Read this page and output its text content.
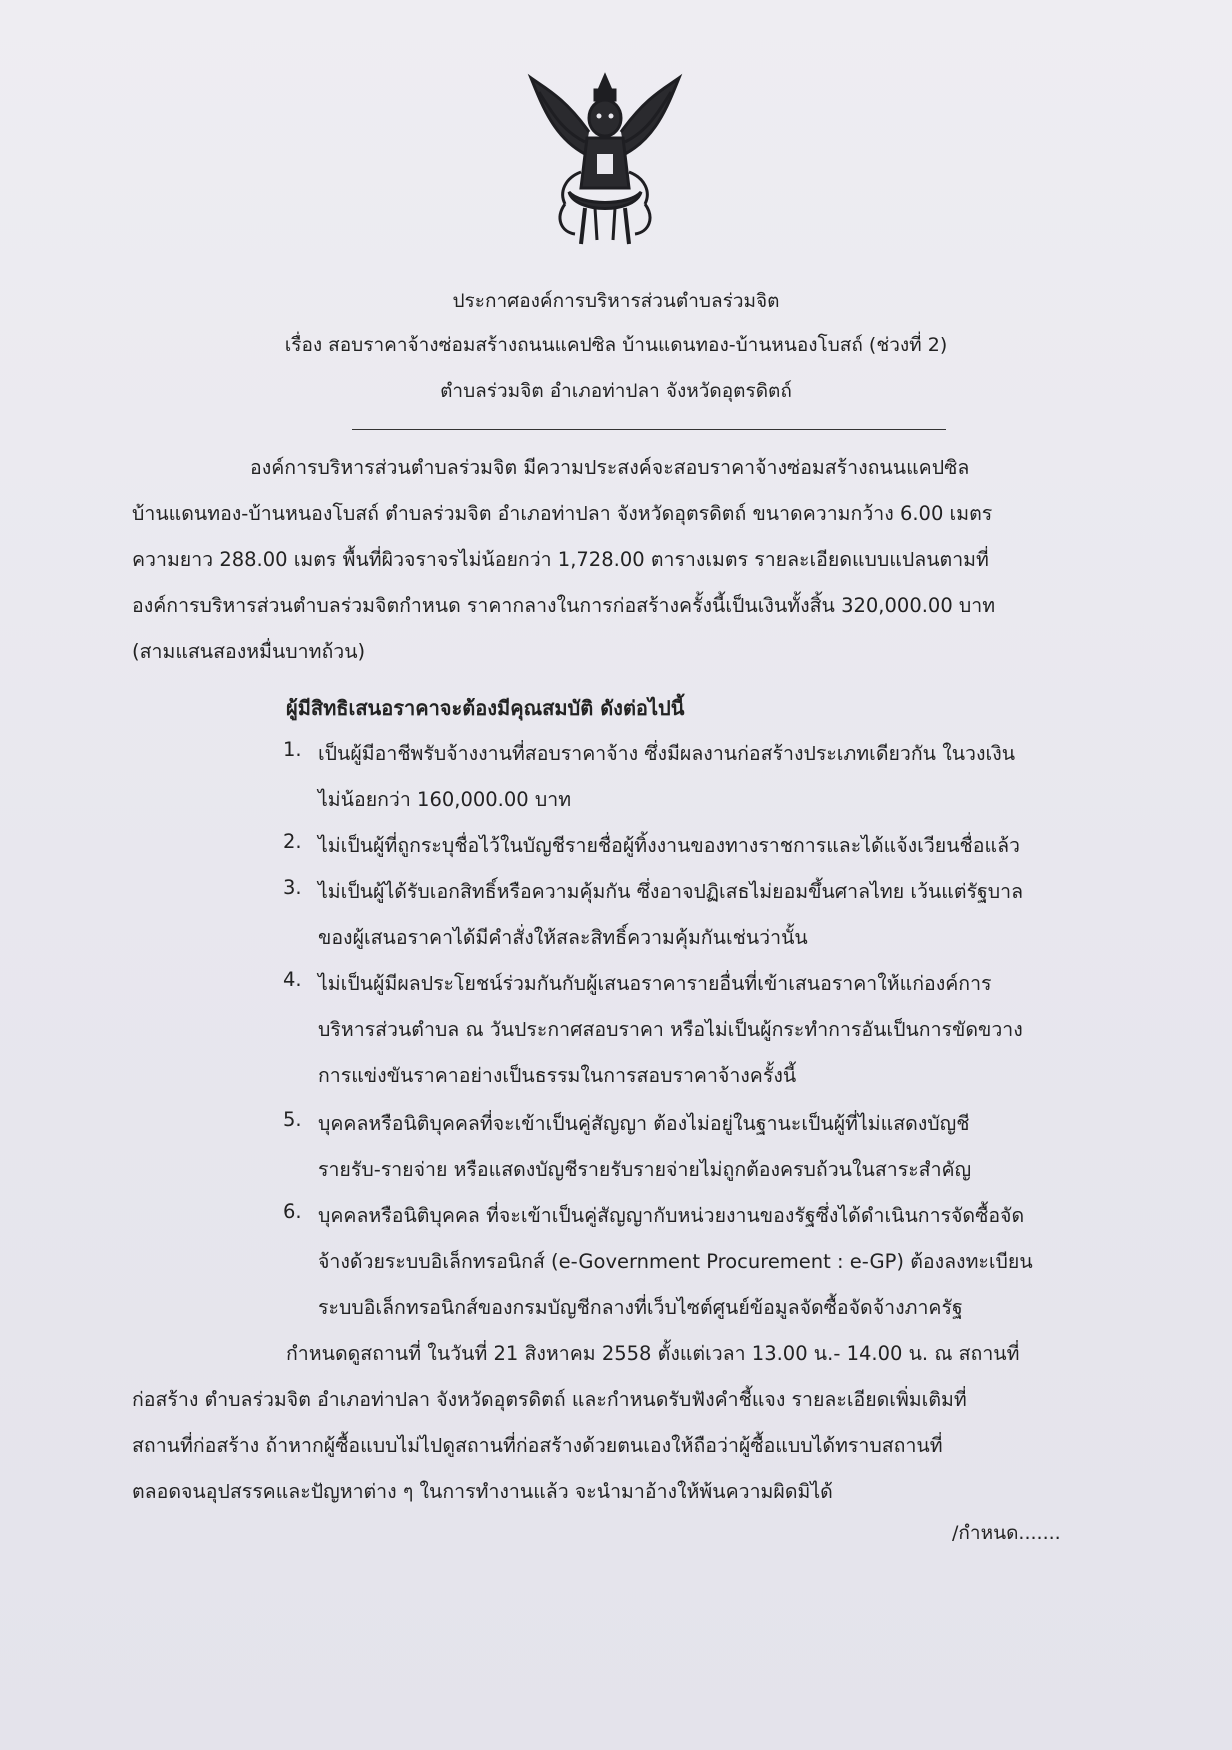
ประกาศองค์การบริหารส่วนตำบลร่วมจิต
เรื่อง สอบราคาจ้างซ่อมสร้างถนนแคปซิล บ้านแดนทอง-บ้านหนองโบสถ์ (ช่วงที่ 2)
ตำบลร่วมจิต อำเภอท่าปลา จังหวัดอุตรดิตถ์
องค์การบริหารส่วนตำบลร่วมจิต มีความประสงค์จะสอบราคาจ้างซ่อมสร้างถนนแคปซิล
บ้านแดนทอง-บ้านหนองโบสถ์ ตำบลร่วมจิต อำเภอท่าปลา จังหวัดอุตรดิตถ์ ขนาดความกว้าง 6.00 เมตร
ความยาว 288.00 เมตร พื้นที่ผิวจราจรไม่น้อยกว่า 1,728.00 ตารางเมตร รายละเอียดแบบแปลนตามที่
องค์การบริหารส่วนตำบลร่วมจิตกำหนด ราคากลางในการก่อสร้างครั้งนี้เป็นเงินทั้งสิ้น 320,000.00 บาท
(สามแสนสองหมื่นบาทถ้วน)
ผู้มีสิทธิเสนอราคาจะต้องมีคุณสมบัติ ดังต่อไปนี้
1. เป็นผู้มีอาชีพรับจ้างงานที่สอบราคาจ้าง ซึ่งมีผลงานก่อสร้างประเภทเดียวกัน ในวงเงิน
ไม่น้อยกว่า 160,000.00 บาท
2. ไม่เป็นผู้ที่ถูกระบุชื่อไว้ในบัญชีรายชื่อผู้ทิ้งงานของทางราชการและได้แจ้งเวียนชื่อแล้ว
3. ไม่เป็นผู้ได้รับเอกสิทธิ์หรือความคุ้มกัน ซึ่งอาจปฏิเสธไม่ยอมขึ้นศาลไทย เว้นแต่รัฐบาล
ของผู้เสนอราคาได้มีคำสั่งให้สละสิทธิ์ความคุ้มกันเช่นว่านั้น
4. ไม่เป็นผู้มีผลประโยชน์ร่วมกันกับผู้เสนอราคารายอื่นที่เข้าเสนอราคาให้แก่องค์การ
บริหารส่วนตำบล ณ วันประกาศสอบราคา หรือไม่เป็นผู้กระทำการอันเป็นการขัดขวาง
การแข่งขันราคาอย่างเป็นธรรมในการสอบราคาจ้างครั้งนี้
5. บุคคลหรือนิติบุคคลที่จะเข้าเป็นคู่สัญญา ต้องไม่อยู่ในฐานะเป็นผู้ที่ไม่แสดงบัญชี
รายรับ-รายจ่าย หรือแสดงบัญชีรายรับรายจ่ายไม่ถูกต้องครบถ้วนในสาระสำคัญ
6. บุคคลหรือนิติบุคคล ที่จะเข้าเป็นคู่สัญญากับหน่วยงานของรัฐซึ่งได้ดำเนินการจัดซื้อจัด
จ้างด้วยระบบอิเล็กทรอนิกส์ (e-Government Procurement : e-GP) ต้องลงทะเบียน
ระบบอิเล็กทรอนิกส์ของกรมบัญชีกลางที่เว็บไซต์ศูนย์ข้อมูลจัดซื้อจัดจ้างภาครัฐ
กำหนดดูสถานที่ ในวันที่ 21 สิงหาคม 2558 ตั้งแต่เวลา 13.00 น.- 14.00 น. ณ สถานที่
ก่อสร้าง ตำบลร่วมจิต อำเภอท่าปลา จังหวัดอุตรดิตถ์ และกำหนดรับฟังคำชี้แจง รายละเอียดเพิ่มเติมที่
สถานที่ก่อสร้าง ถ้าหากผู้ซื้อแบบไม่ไปดูสถานที่ก่อสร้างด้วยตนเองให้ถือว่าผู้ซื้อแบบได้ทราบสถานที่
ตลอดจนอุปสรรคและปัญหาต่าง ๆ ในการทำงานแล้ว จะนำมาอ้างให้พ้นความผิดมิได้
/กำหนด.......
